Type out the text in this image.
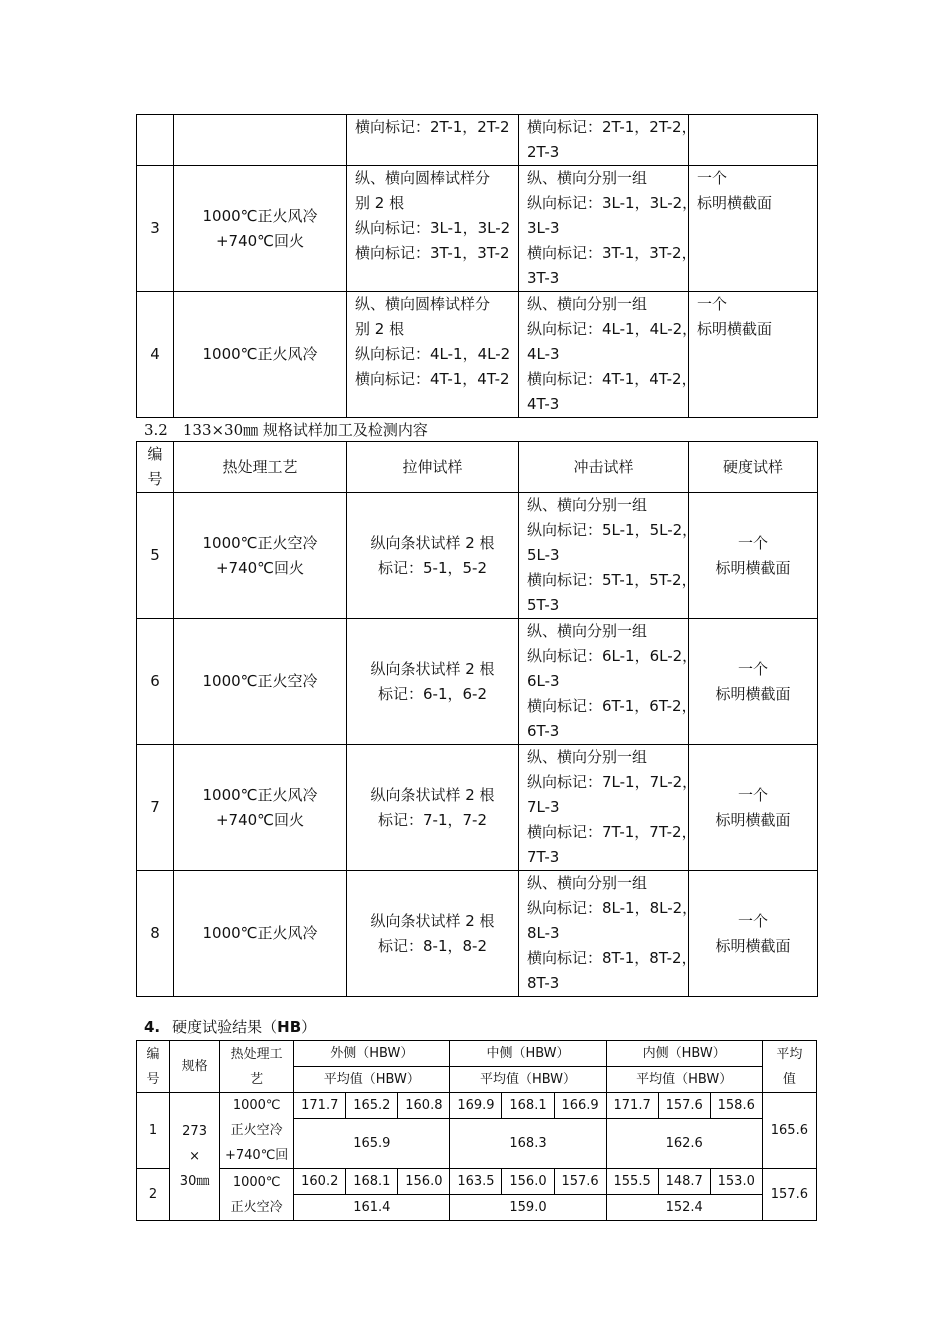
		横向标记：2T-1，2T-2	横向标记：2T-1，2T-2，
2T-3	

3	1000℃正火风冷
+740℃回火	纵、横向圆棒试样分
别 2 根
纵向标记：3L-1，3L-2
横向标记：3T-1，3T-2	纵、横向分别一组
纵向标记：3L-1，3L-2，
3L-3
横向标记：3T-1，3T-2，
3T-3	一个
标明横截面

4	1000℃正火风冷	纵、横向圆棒试样分
别 2 根
纵向标记：4L-1，4L-2
横向标记：4T-1，4T-2	纵、横向分别一组
纵向标记：4L-1，4L-2，
4L-3
横向标记：4T-1，4T-2，
4T-3	一个
标明横截面
3.2　133×30㎜ 规格试样加工及检测内容
编
号	热处理工艺	拉伸试样	冲击试样	硬度试样
5	1000℃正火空冷
+740℃回火	纵向条状试样 2 根
标记：5-1，5-2	纵、横向分别一组
纵向标记：5L-1，5L-2，
5L-3
横向标记：5T-1，5T-2，
5T-3	一个
标明横截面

6	1000℃正火空冷	纵向条状试样 2 根
标记：6-1，6-2	纵、横向分别一组
纵向标记：6L-1，6L-2，
6L-3
横向标记：6T-1，6T-2，
6T-3	一个
标明横截面

7	1000℃正火风冷
+740℃回火	纵向条状试样 2 根
标记：7-1，7-2	纵、横向分别一组
纵向标记：7L-1，7L-2，
7L-3
横向标记：7T-1，7T-2，
7T-3	一个
标明横截面

8	1000℃正火风冷	纵向条状试样 2 根
标记：8-1，8-2	纵、横向分别一组
纵向标记：8L-1，8L-2，
8L-3
横向标记：8T-1，8T-2，
8T-3	一个
标明横截面
4. 硬度试验结果（HB）
编
号	规格	热处理工
艺	外侧（HBW）			中侧（HBW）			内侧（HBW）			平均
值

			平均值（HBW）			平均值（HBW）			平均值（HBW）			
1	273
×
30㎜	1000℃
正火空冷
+740℃回	171.7	165.2	160.8	169.9	168.1	166.9	171.7	157.6	158.6	165.6
			165.9			168.3			162.6			
2		1000℃
正火空冷	160.2	168.1	156.0	163.5	156.0	157.6	155.5	148.7	153.0	157.6
			161.4			159.0			152.4			
